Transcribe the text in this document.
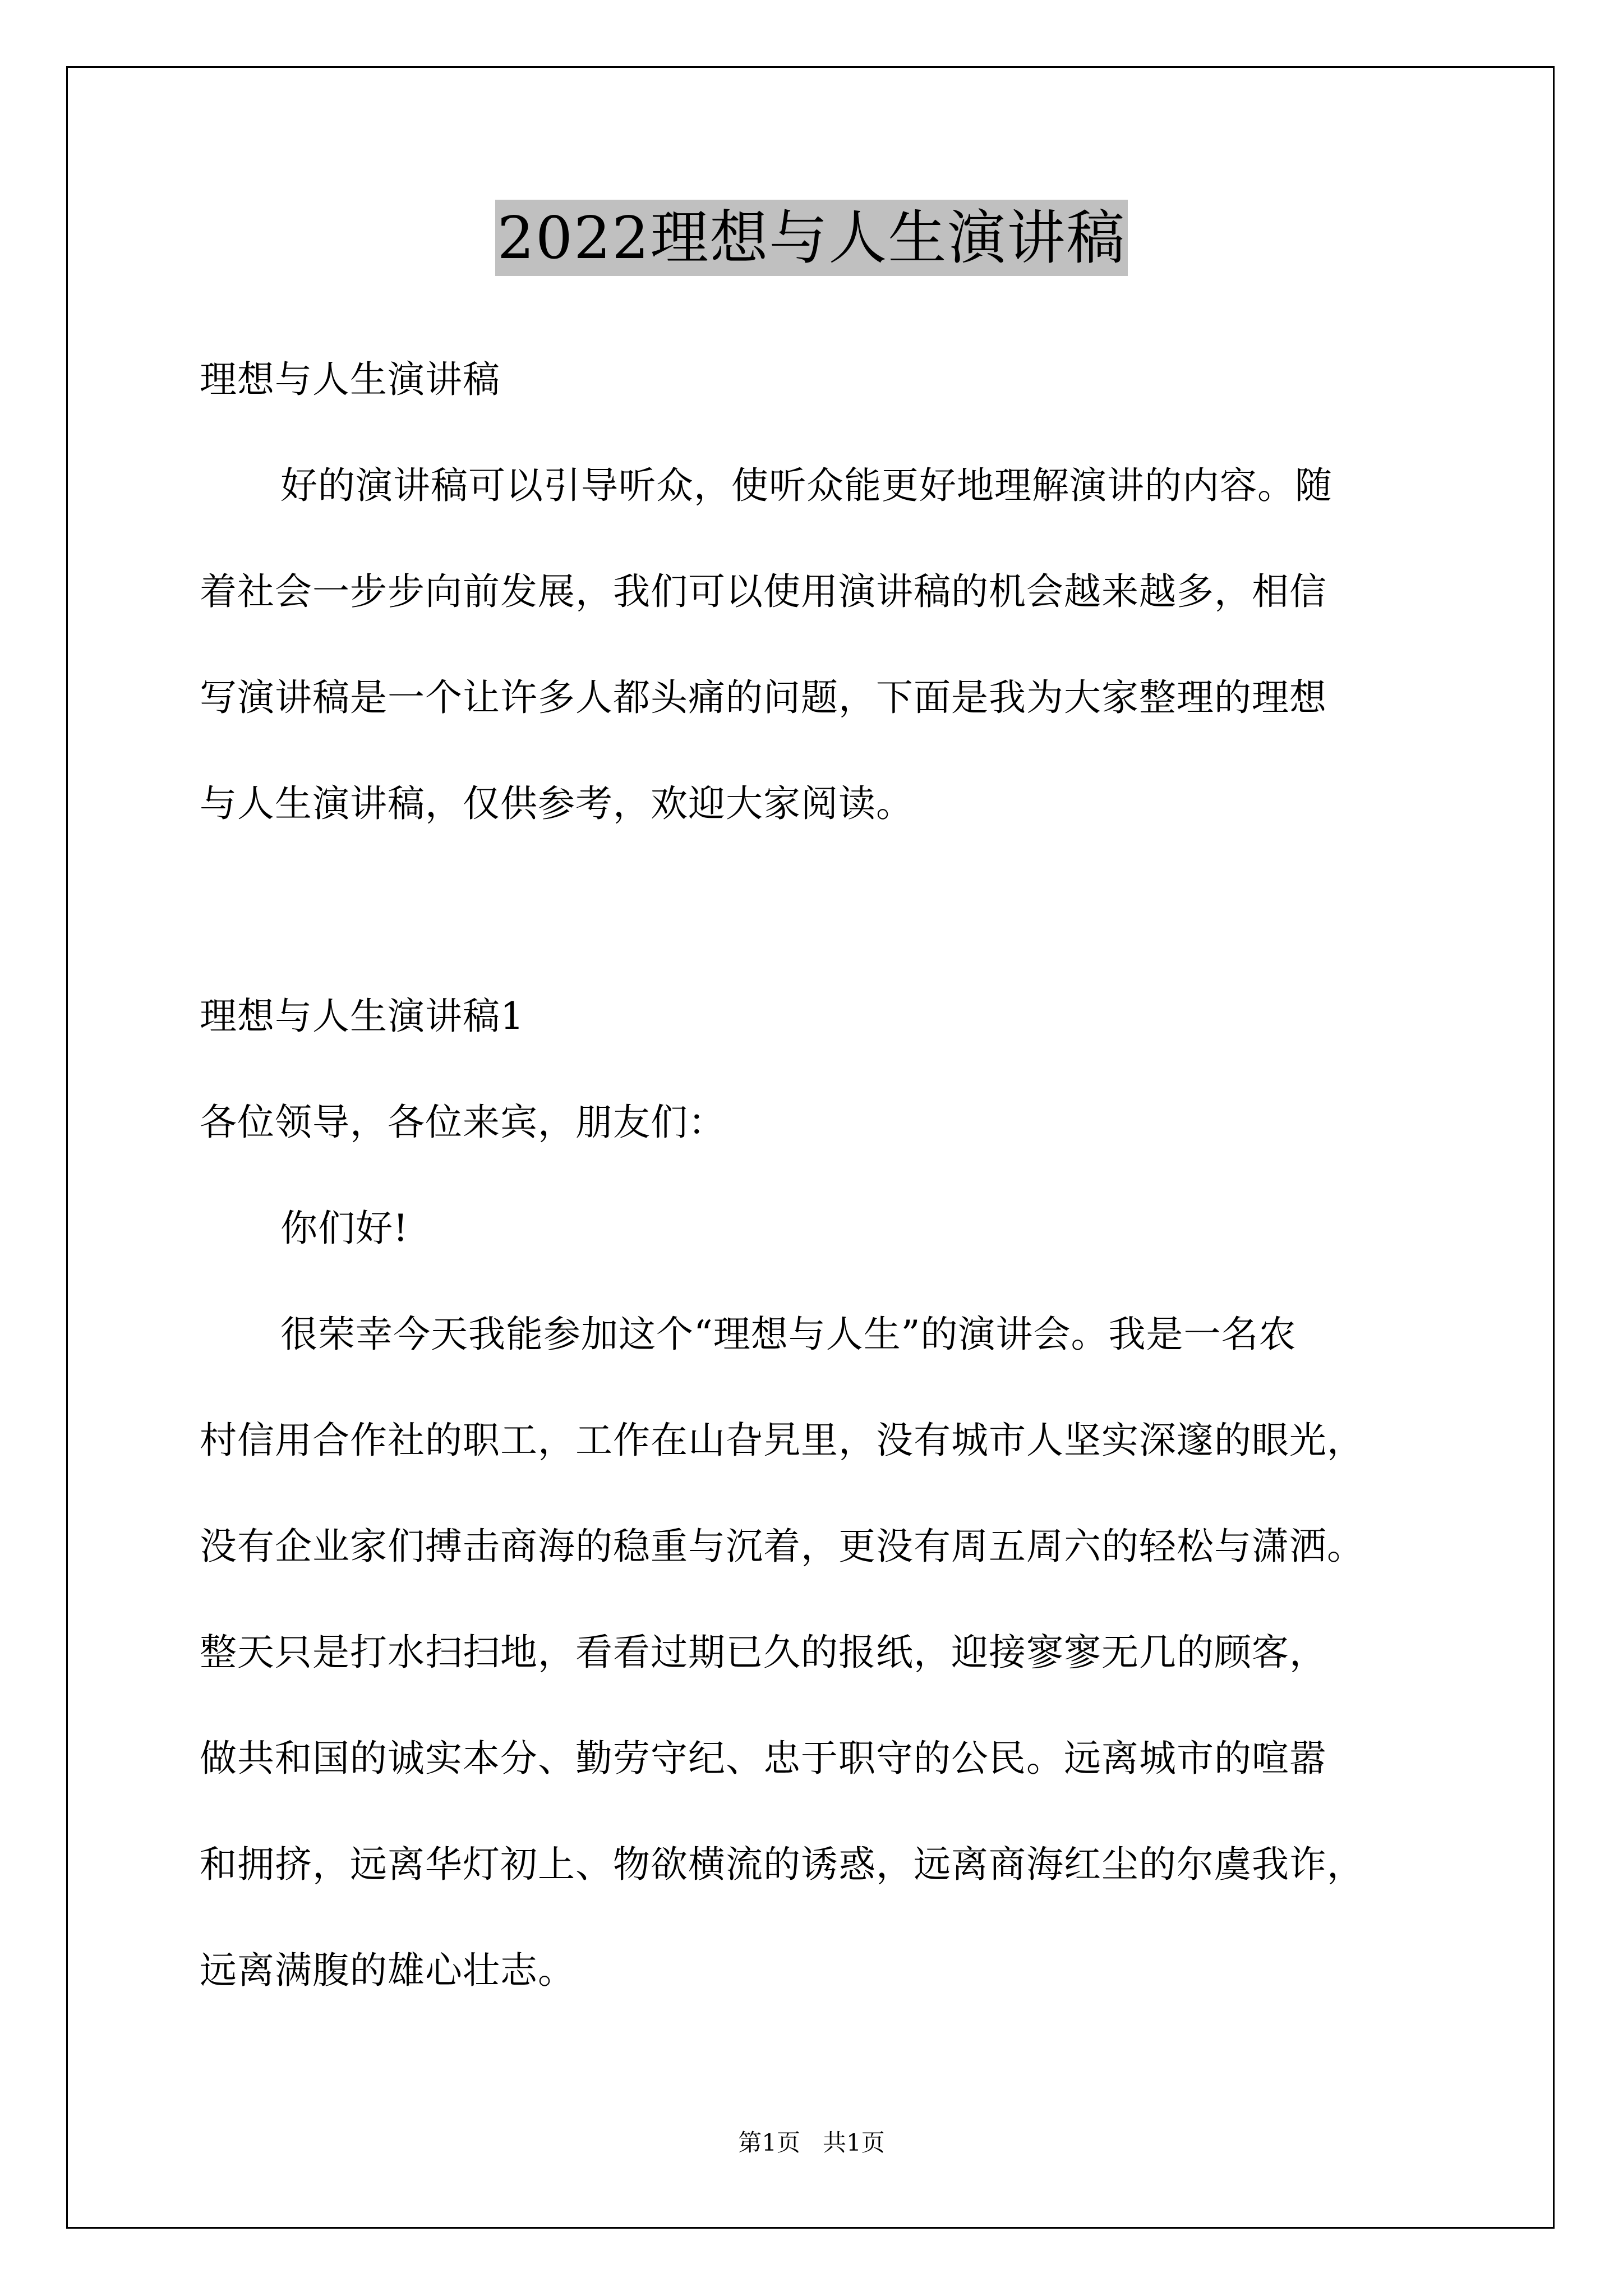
2022理想与人生演讲稿
理想与人生演讲稿
好的演讲稿可以引导听众，使听众能更好地理解演讲的内容。随
着社会一步步向前发展，我们可以使用演讲稿的机会越来越多，相信
写演讲稿是一个让许多人都头痛的问题，下面是我为大家整理的理想
与人生演讲稿，仅供参考，欢迎大家阅读。
理想与人生演讲稿1
各位领导，各位来宾，朋友们：
你们好!
很荣幸今天我能参加这个“理想与人生”的演讲会。我是一名农
村信用合作社的职工，工作在山旮旯里，没有城市人坚实深邃的眼光，
没有企业家们搏击商海的稳重与沉着，更没有周五周六的轻松与潇洒。
整天只是打水扫扫地，看看过期已久的报纸，迎接寥寥无几的顾客，
做共和国的诚实本分、勤劳守纪、忠于职守的公民。远离城市的喧嚣
和拥挤，远离华灯初上、物欲横流的诱惑，远离商海红尘的尔虞我诈，
远离满腹的雄心壮志。
第1页   共1页
